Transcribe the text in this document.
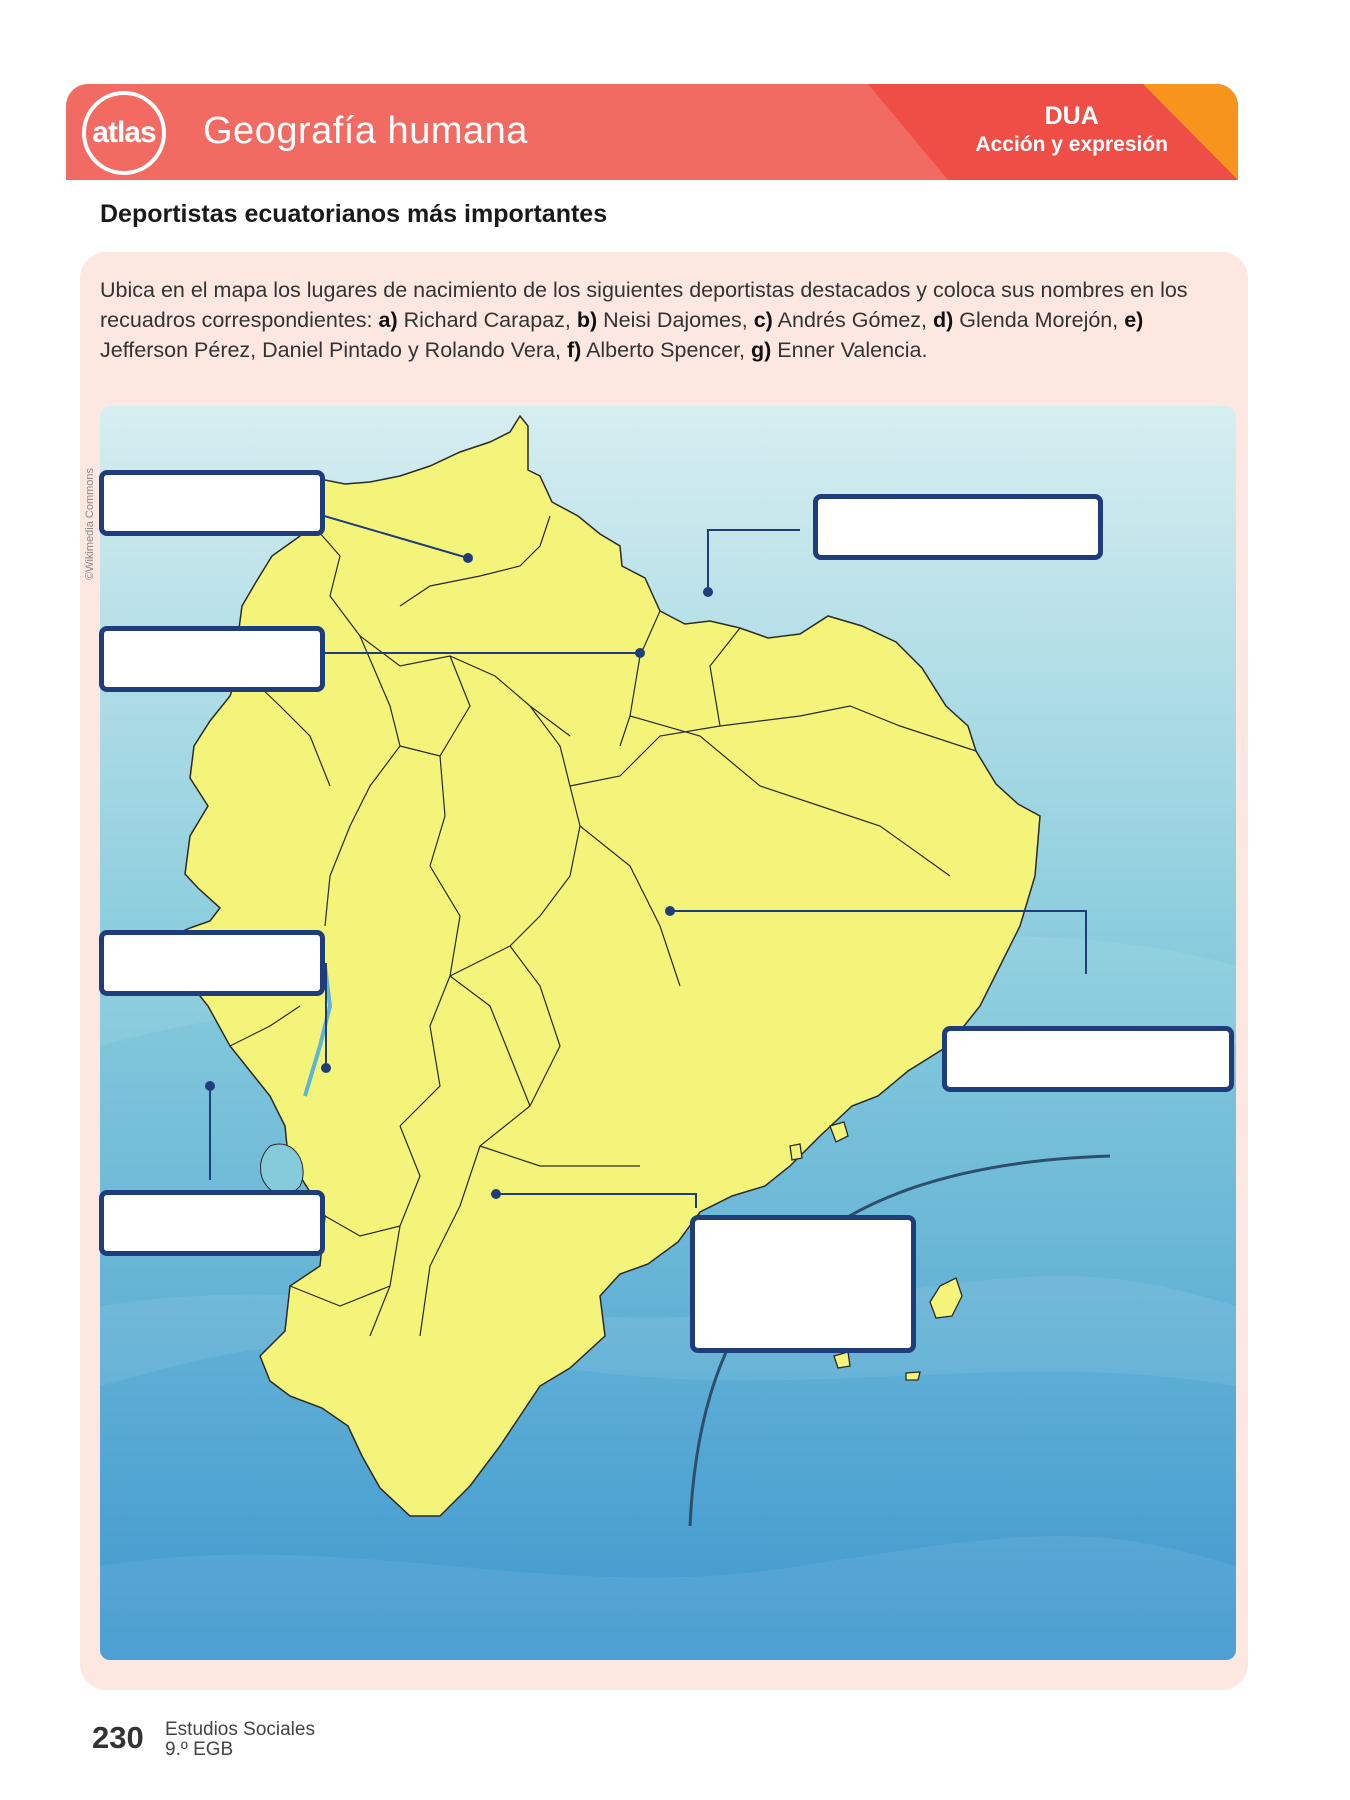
atlas Geografía humana	DUA
Acción y expresión
Deportistas ecuatorianos más importantes
Ubica en el mapa los lugares de nacimiento de los siguientes deportistas destacados y coloca sus nombres en los recuadros correspondientes: a) Richard Carapaz, b) Neisi Dajomes, c) Andrés Gómez, d) Glenda Morejón, e) Jefferson Pérez, Daniel Pintado y Rolando Vera, f) Alberto Spencer, g) Enner Valencia.
©Wikimedia Commons
230 Estudios Sociales
9.º EGB
